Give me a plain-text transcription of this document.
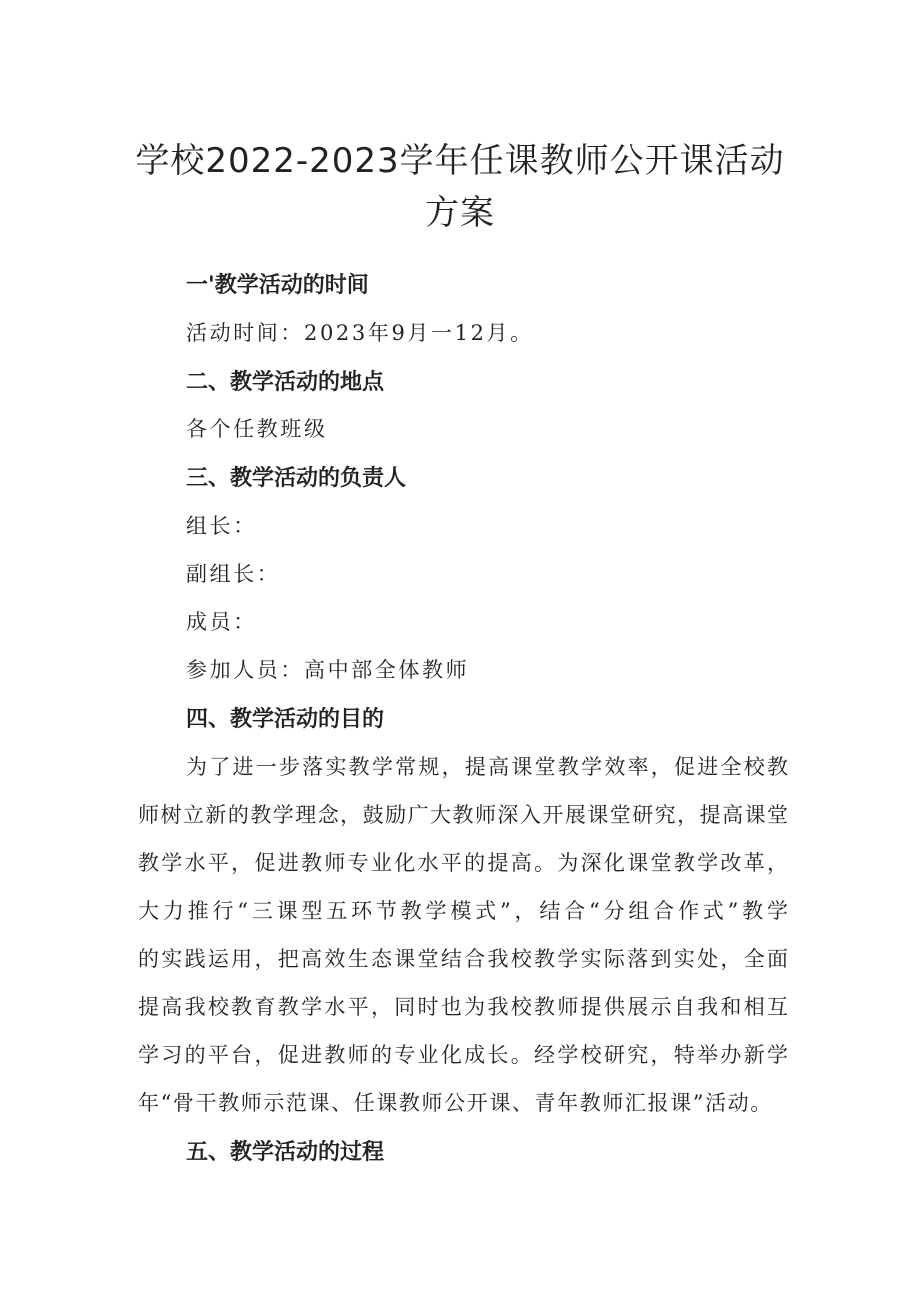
学校2022-2023学年任课教师公开课活动
方案
一'教学活动的时间

活动时间：2023年9月一12月。

二、教学活动的地点

各个任教班级

三、教学活动的负责人

组长：

副组长：

成员：

参加人员：高中部全体教师

四、教学活动的目的

为了进一步落实教学常规，提高课堂教学效率，促进全校教

师树立新的教学理念，鼓励广大教师深入开展课堂研究，提高课堂

教学水平，促进教师专业化水平的提高。为深化课堂教学改革，

大力推行“三课型五环节教学模式”，结合“分组合作式”教学

的实践运用，把高效生态课堂结合我校教学实际落到实处，全面

提高我校教育教学水平，同时也为我校教师提供展示自我和相互

学习的平台，促进教师的专业化成长。经学校研究，特举办新学

年“骨干教师示范课、任课教师公开课、青年教师汇报课”活动。

五、教学活动的过程
